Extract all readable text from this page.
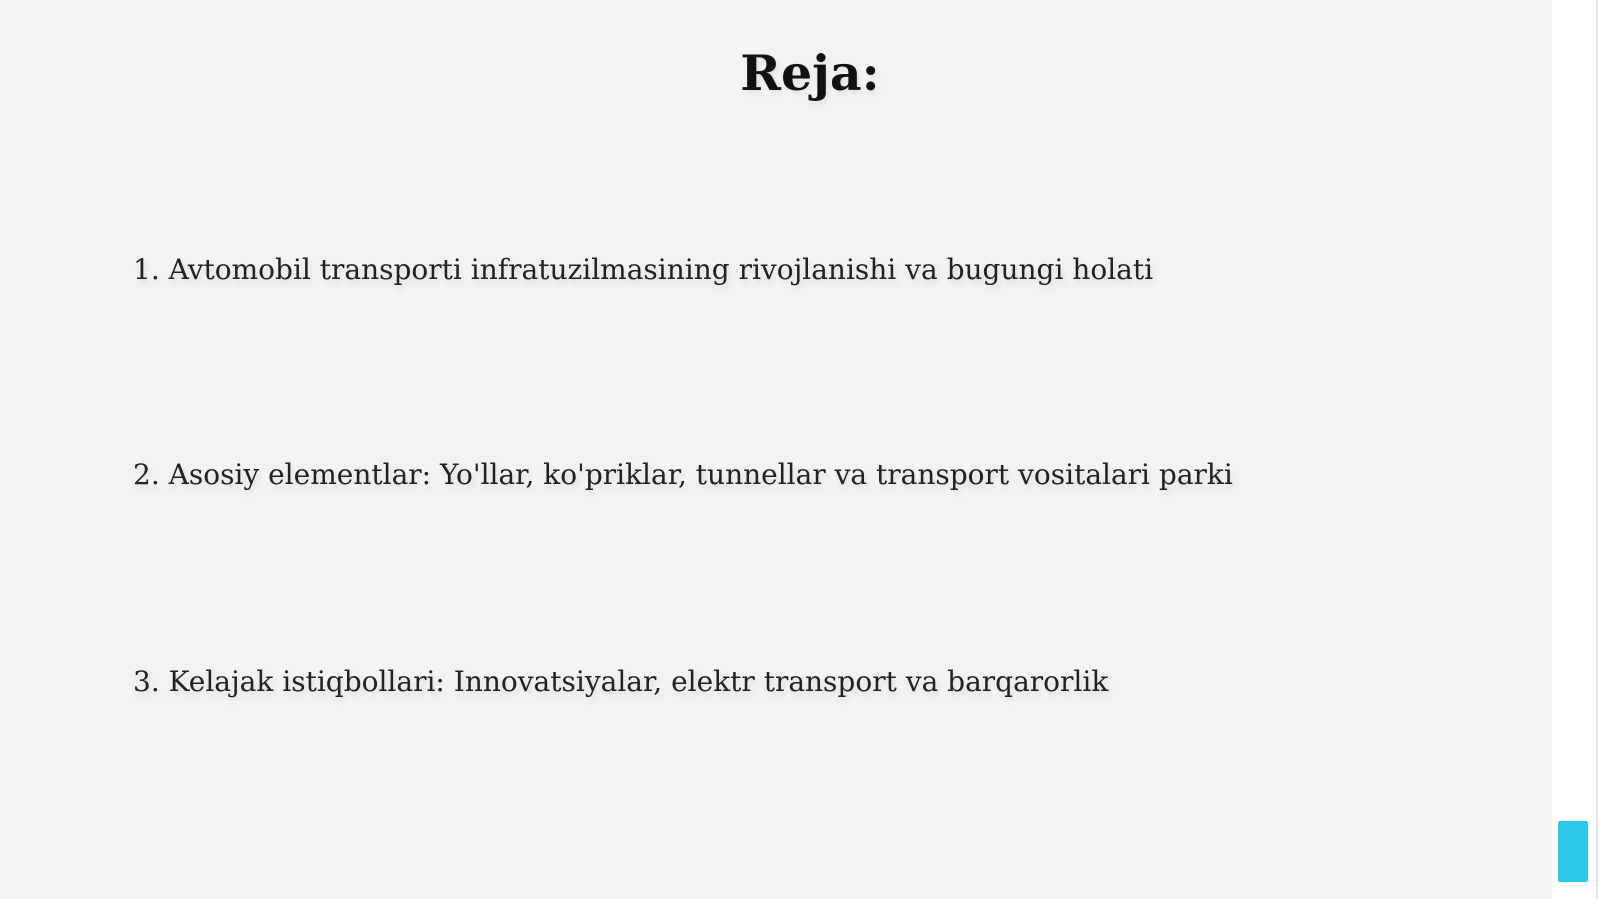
Reja:
1. Avtomobil transporti infratuzilmasining rivojlanishi va bugungi holati
2. Asosiy elementlar: Yo'llar, ko'priklar, tunnellar va transport vositalari parki
3. Kelajak istiqbollari: Innovatsiyalar, elektr transport va barqarorlik
